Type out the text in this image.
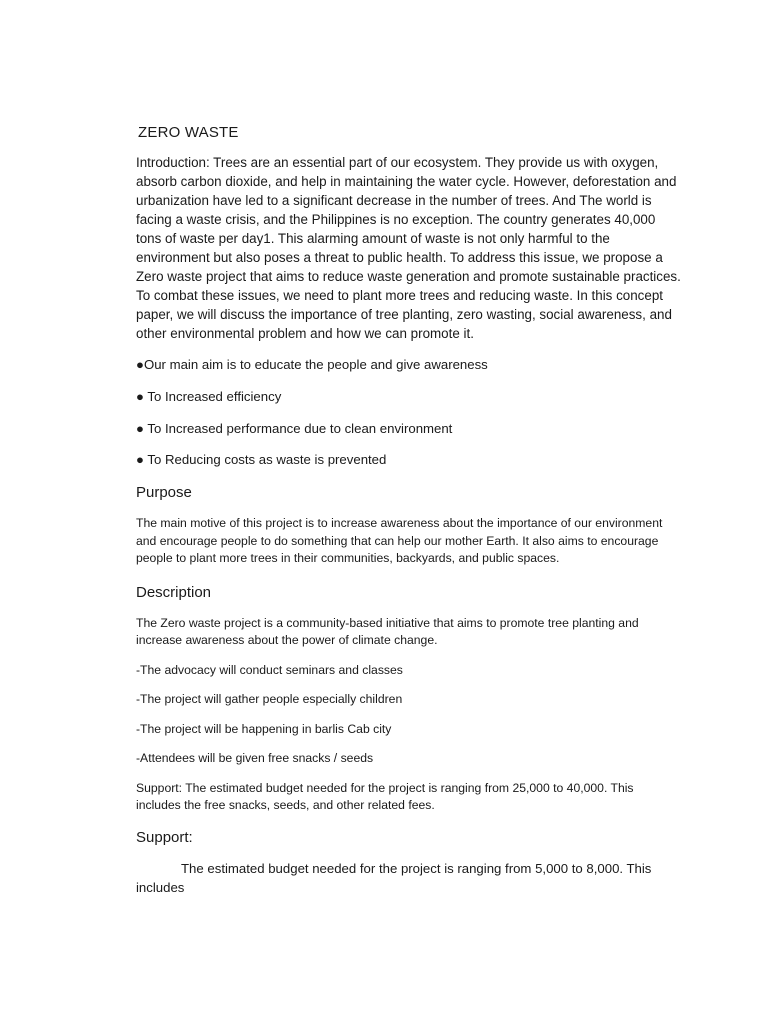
ZERO WASTE

Introduction: Trees are an essential part of our ecosystem. They provide us with oxygen, absorb carbon dioxide, and help in maintaining the water cycle. However, deforestation and urbanization have led to a significant decrease in the number of trees. And The world is facing a waste crisis, and the Philippines is no exception. The country generates 40,000 tons of waste per day1. This alarming amount of waste is not only harmful to the environment but also poses a threat to public health. To address this issue, we propose a Zero waste project that aims to reduce waste generation and promote sustainable practices. To combat these issues, we need to plant more trees and reducing waste. In this concept paper, we will discuss the importance of tree planting, zero wasting, social awareness, and other environmental problem and how we can promote it.

●Our main aim is to educate the people and give awareness

● To Increased efficiency

● To Increased performance due to clean environment

● To Reducing costs as waste is prevented

Purpose

The main motive of this project is to increase awareness about the importance of our environment and encourage people to do something that can help our mother Earth. It also aims to encourage people to plant more trees in their communities, backyards, and public spaces.

Description

The Zero waste project is a community-based initiative that aims to promote tree planting and increase awareness about the power of climate change.

-The advocacy will conduct seminars and classes

-The project will gather people especially children

-The project will be happening in barlis Cab city

-Attendees will be given free snacks / seeds

Support: The estimated budget needed for the project is ranging from 25,000 to 40,000. This includes the free snacks, seeds, and other related fees.

Support:
The estimated budget needed for the project is ranging from 5,000 to 8,000. This
includes
